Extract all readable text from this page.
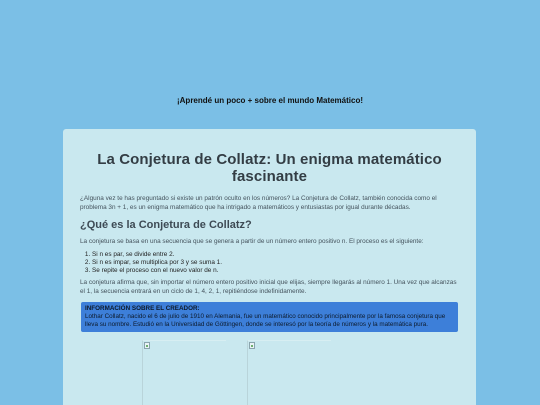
¡Aprendé un poco + sobre el mundo Matemático!
La Conjetura de Collatz: Un enigma matemático fascinante

¿Alguna vez te has preguntado si existe un patrón oculto en los números? La Conjetura de Collatz, también conocida como el problema 3n + 1, es un enigma matemático que ha intrigado a matemáticos y entusiastas por igual durante décadas.

¿Qué es la Conjetura de Collatz?

La conjetura se basa en una secuencia que se genera a partir de un número entero positivo n. El proceso es el siguiente:

1. Si n es par, se divide entre 2.
2. Si n es impar, se multiplica por 3 y se suma 1.
3. Se repite el proceso con el nuevo valor de n.

La conjetura afirma que, sin importar el número entero positivo inicial que elijas, siempre llegarás al número 1. Una vez que alcanzas el 1, la secuencia entrará en un ciclo de 1, 4, 2, 1, repitiéndose indefinidamente.

INFORMACIÓN SOBRE EL CREADOR:
Lothar Collatz, nacido el 6 de julio de 1910 en Alemania, fue un matemático conocido principalmente por la famosa conjetura que lleva su nombre. Estudió en la Universidad de Göttingen, donde se interesó por la teoría de números y la matemática pura.
